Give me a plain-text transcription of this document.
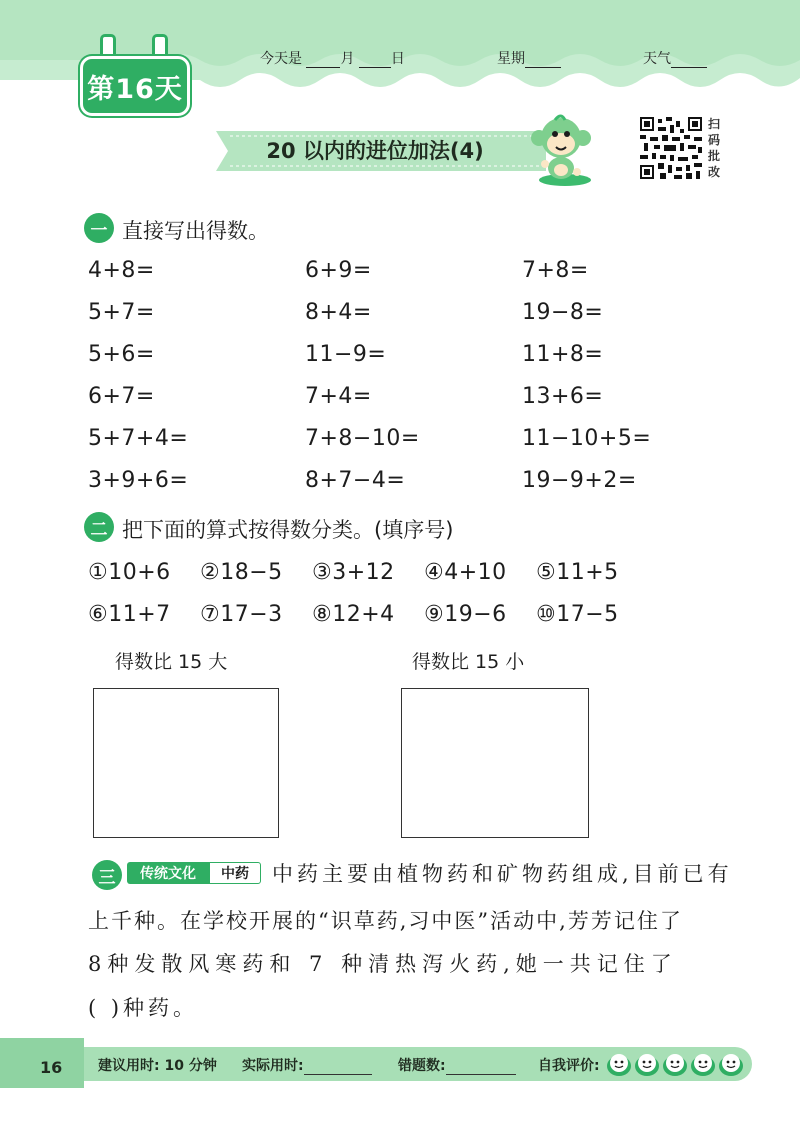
第16天
今天是	月	日	星期	天气
20 以内的进位加法(4)
扫
码
批
改
一 直接写出得数。
4+8=	6+9=	7+8=
5+7=	8+4=	19−8=
5+6=	11−9=	11+8=
6+7=	7+4=	13+6=
5+7+4=	7+8−10=	11−10+5=
3+9+6=	8+7−4=	19−9+2=
二 把下面的算式按得数分类。(填序号)
①10+6 ②18−5 ③3+12 ④4+10 ⑤11+5
⑥11+7 ⑦17−3 ⑧12+4 ⑨19−6 ⑩17−5
得数比 15 大	得数比 15 小
三	传统文化	中药	中药主要由植物药和矿物药组成,目前已有
上千种。在学校开展的“识草药,习中医”活动中,芳芳记住了
8种发散风寒药和 7 种清热泻火药,她一共记住了
( )种药。
16	建议用时: 10 分钟 实际用时:	错题数:	自我评价:
